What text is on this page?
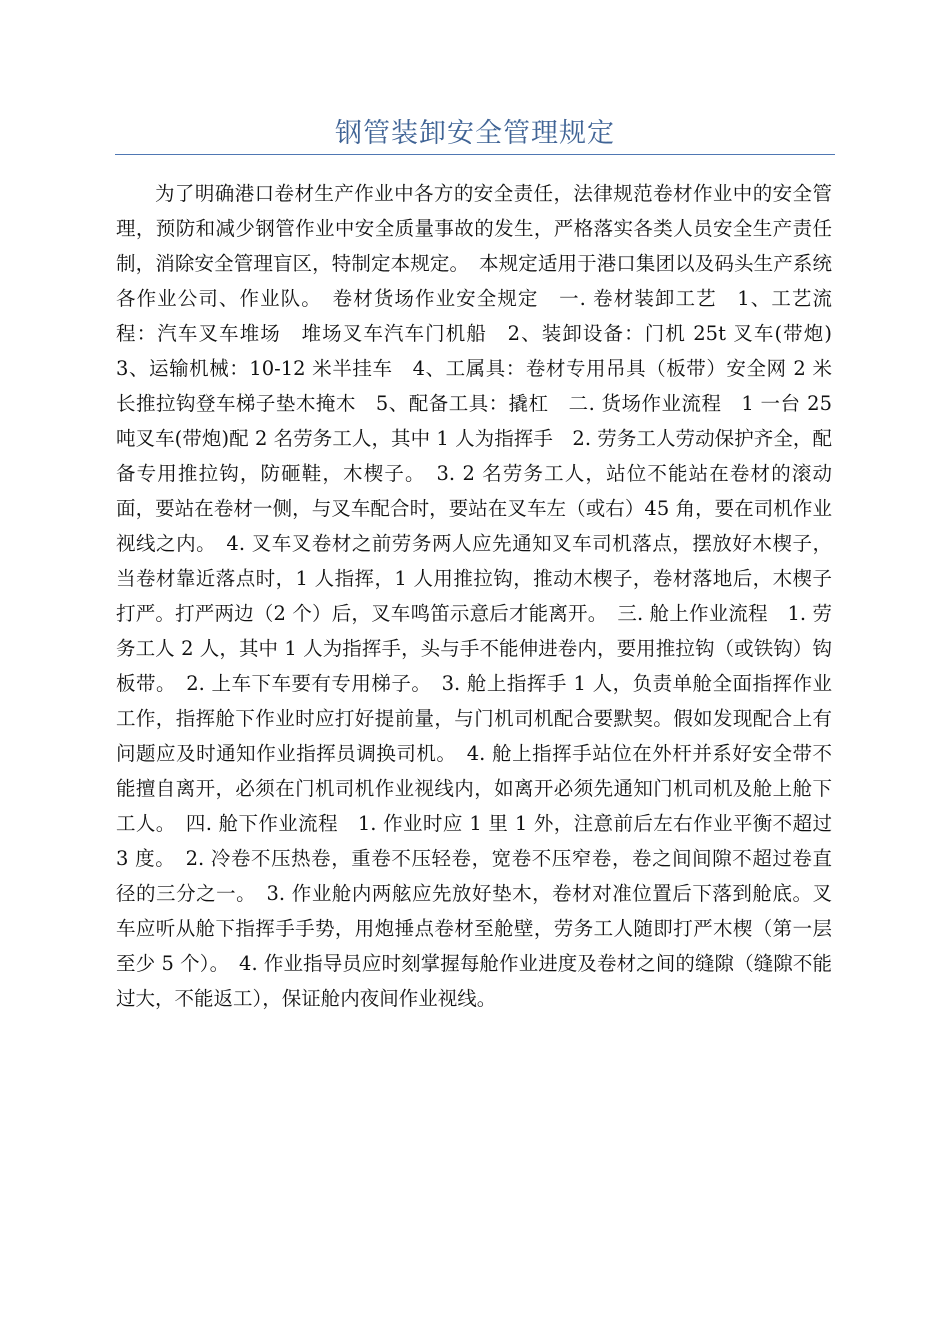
钢管装卸安全管理规定

为了明确港口卷材生产作业中各方的安全责任，法律规范卷材作业中的安全管理，预防和减少钢管作业中安全质量事故的发生，严格落实各类人员安全生产责任制，消除安全管理盲区，特制定本规定。　本规定适用于港口集团以及码头生产系统各作业公司、作业队。　卷材货场作业安全规定　一. 卷材装卸工艺　1、工艺流程：汽车叉车堆场　堆场叉车汽车门机船　2、装卸设备：门机 25t 叉车(带炮)　3、运输机械：10-12 米半挂车　4、工属具：卷材专用吊具（板带）安全网 2 米长推拉钩登车梯子垫木掩木　5、配备工具：撬杠　二. 货场作业流程　1 一台 25 吨叉车(带炮)配 2 名劳务工人，其中 1 人为指挥手　2. 劳务工人劳动保护齐全，配备专用推拉钩，防砸鞋，木楔子。　3. 2 名劳务工人，站位不能站在卷材的滚动面，要站在卷材一侧，与叉车配合时，要站在叉车左（或右）45 角，要在司机作业视线之内。　4. 叉车叉卷材之前劳务两人应先通知叉车司机落点，摆放好木楔子，当卷材靠近落点时，1 人指挥，1 人用推拉钩，推动木楔子，卷材落地后，木楔子打严。打严两边（2 个）后，叉车鸣笛示意后才能离开。　三. 舱上作业流程　1. 劳务工人 2 人，其中 1 人为指挥手，头与手不能伸进卷内，要用推拉钩（或铁钩）钩板带。　2. 上车下车要有专用梯子。　3. 舱上指挥手 1 人，负责单舱全面指挥作业工作，指挥舱下作业时应打好提前量，与门机司机配合要默契。假如发现配合上有问题应及时通知作业指挥员调换司机。　4. 舱上指挥手站位在外杆并系好安全带不能擅自离开，必须在门机司机作业视线内，如离开必须先通知门机司机及舱上舱下工人。　四. 舱下作业流程　1. 作业时应 1 里 1 外，注意前后左右作业平衡不超过 3 度。　2. 冷卷不压热卷，重卷不压轻卷，宽卷不压窄卷，卷之间间隙不超过卷直径的三分之一。　3. 作业舱内两舷应先放好垫木，卷材对准位置后下落到舱底。叉车应听从舱下指挥手手势，用炮捶点卷材至舱壁，劳务工人随即打严木楔（第一层至少 5 个）。　4. 作业指导员应时刻掌握每舱作业进度及卷材之间的缝隙（缝隙不能过大，不能返工），保证舱内夜间作业视线。
